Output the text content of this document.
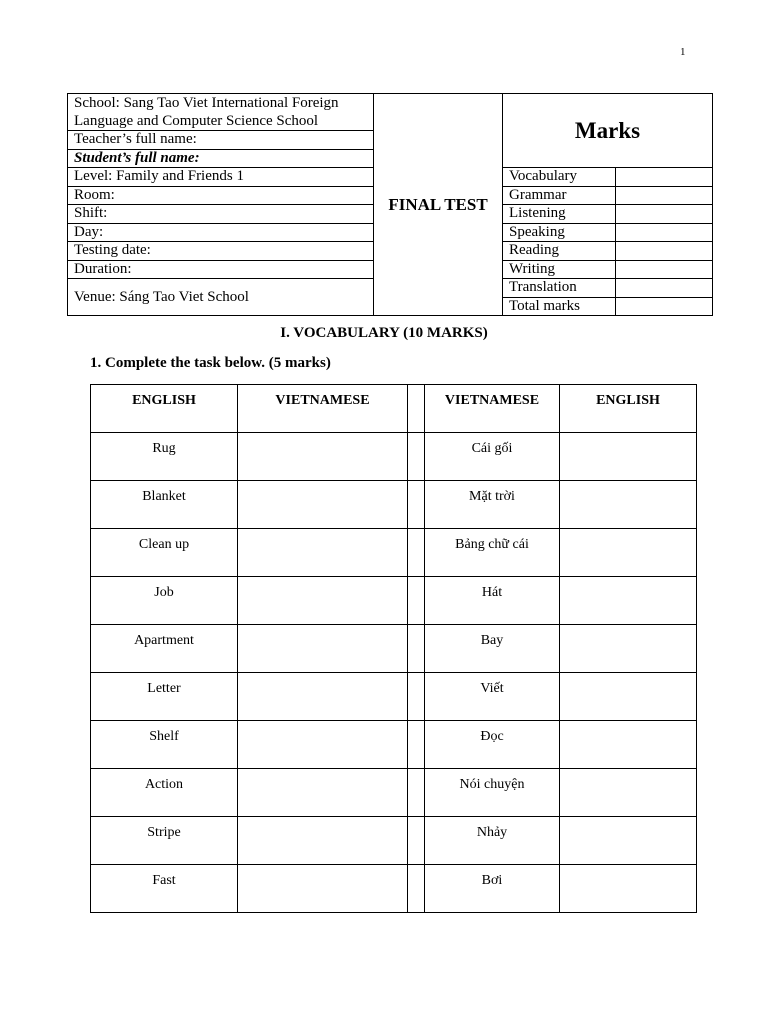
1
School: Sang Tao Viet International Foreign Language and Computer Science School	FINAL TEST	Marks	
Teacher’s full name:			
Student’s full name:			
Level: Family and Friends 1		Vocabulary	
Room:		Grammar	
Shift:		Listening	
Day:		Speaking	
Testing date:		Reading	
Duration:		Writing	
Venue: Sáng Tao Viet School		Translation	
		Total marks	
I. VOCABULARY (10 MARKS)
1. Complete the task below. (5 marks)
ENGLISH	VIETNAMESE		VIETNAMESE	ENGLISH
Rug			Cái gối	
Blanket			Mặt trời	
Clean up			Bảng chữ cái	
Job			Hát	
Apartment			Bay	
Letter			Viết	
Shelf			Đọc	
Action			Nói chuyện	
Stripe			Nhảy	
Fast			Bơi	
